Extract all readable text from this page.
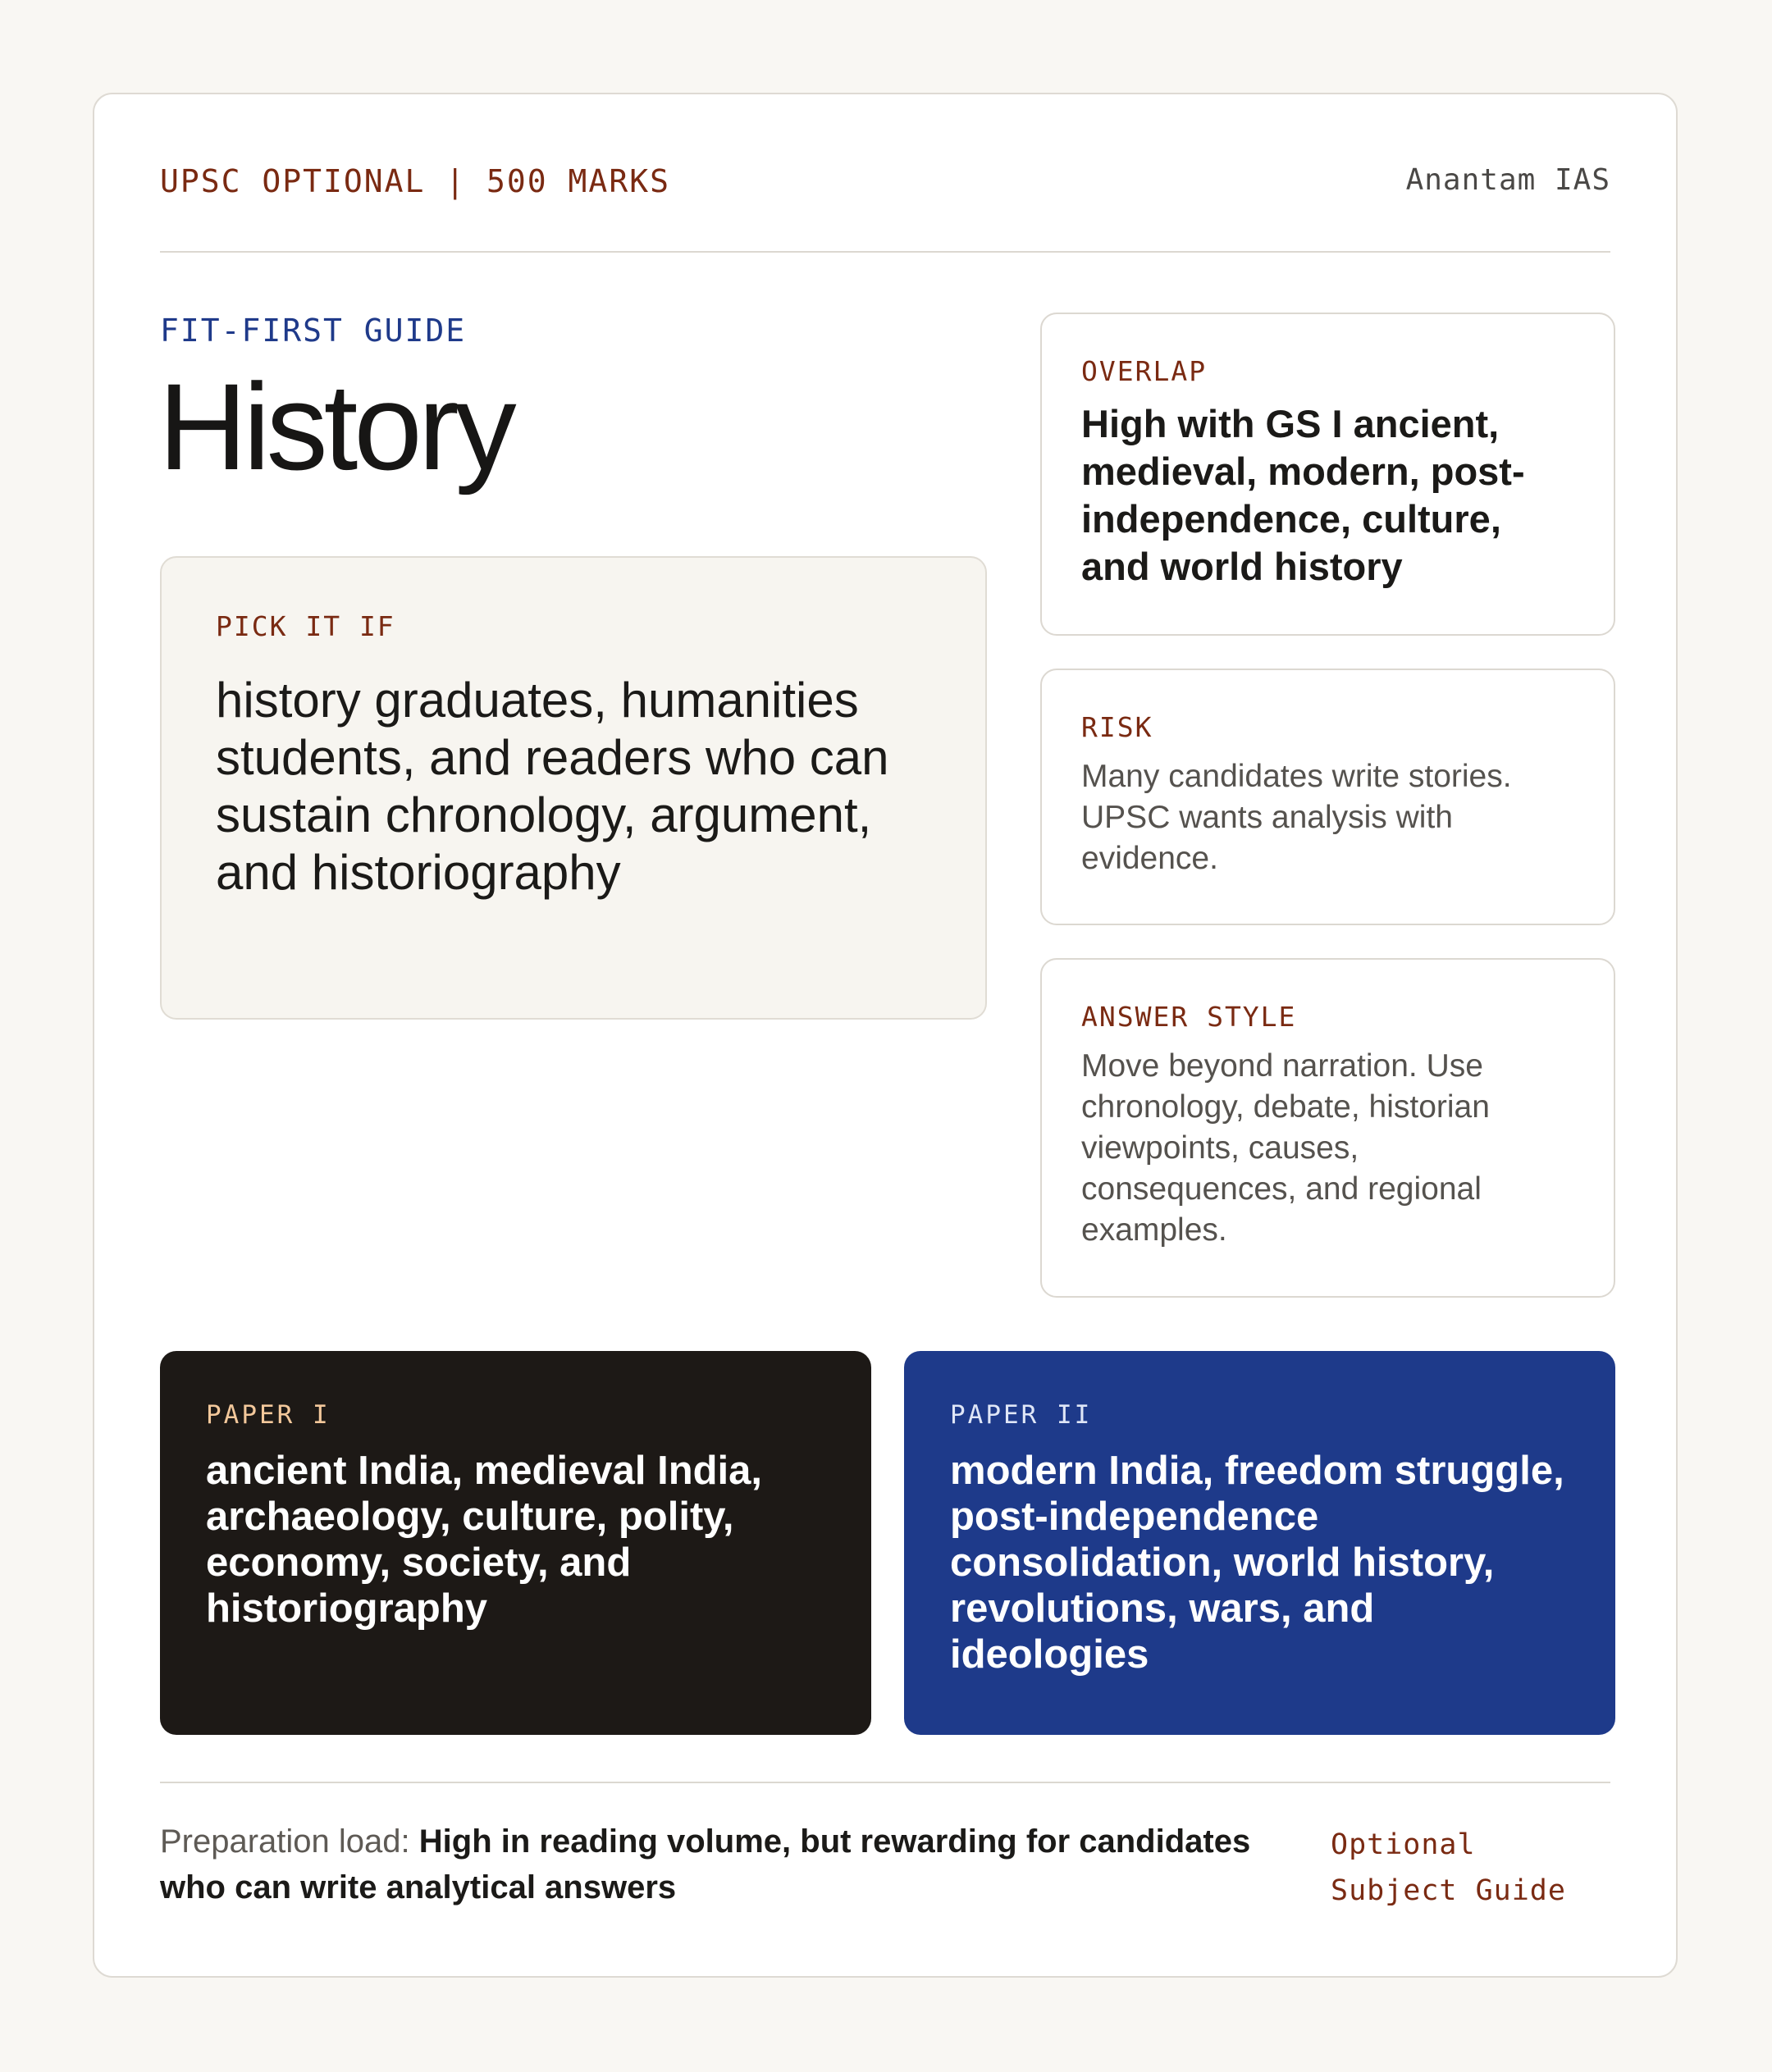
UPSC OPTIONAL | 500 MARKS	Anantam IAS
FIT-FIRST GUIDE
History
PICK IT IF
history graduates, humanities students, and readers who can sustain chronology, argument, and historiography
OVERLAP
High with GS I ancient, medieval, modern, post-independence, culture, and world history
RISK
Many candidates write stories. UPSC wants analysis with evidence.
ANSWER STYLE
Move beyond narration. Use chronology, debate, historian viewpoints, causes, consequences, and regional examples.
PAPER I
ancient India, medieval India, archaeology, culture, polity, economy, society, and historiography
PAPER II
modern India, freedom struggle, post-independence consolidation, world history, revolutions, wars, and ideologies
Preparation load: High in reading volume, but rewarding for candidates who can write analytical answers
Optional
Subject Guide
